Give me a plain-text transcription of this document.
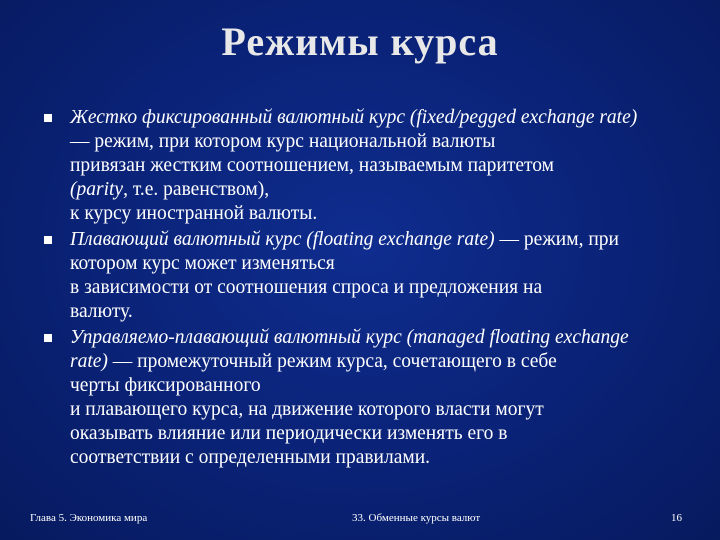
Режимы курса
Жестко фиксированный валютный курс (fixed/pegged exchange rate)
— режим, при котором курс национальной валюты
привязан жестким соотношением, называемым паритетом
(parity, т.е. равенством),
к курсу иностранной валюты.
Плавающий валютный курс (floating exchange rate) — режим, при
котором курс может изменяться
в зависимости от соотношения спроса и предложения на
валюту.
Управляемо-плавающий валютный курс (managed floating exchange
rate) — промежуточный режим курса, сочетающего в себе
черты фиксированного
и плавающего курса, на движение которого власти могут
оказывать влияние или периодически изменять его в
соответствии с определенными правилами.
Глава 5. Экономика мира	33. Обменные курсы валют	16
